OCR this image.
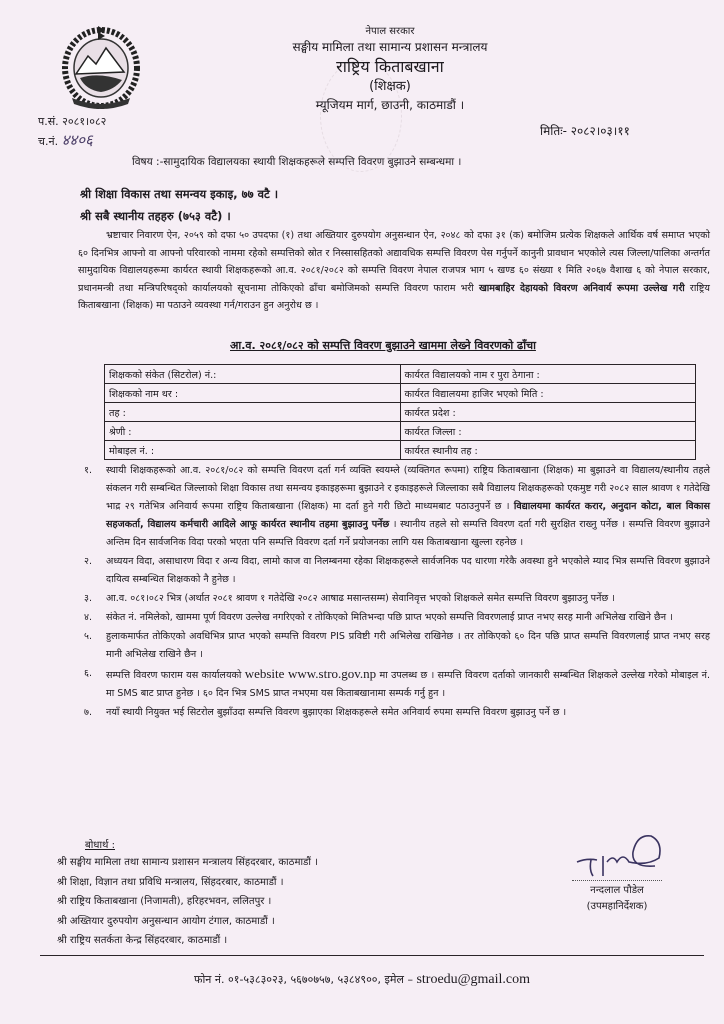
नेपाल सरकार
सङ्घीय मामिला तथा सामान्य प्रशासन मन्त्रालय
राष्ट्रिय किताबखाना
(शिक्षक)
म्यूजियम मार्ग, छाउनी, काठमाडौं ।
प.सं. २०८१।०८२
च.नं. ४४०६	मितिः- २०८२।०३।११
विषय :-सामुदायिक विद्यालयका स्थायी शिक्षकहरूले सम्पत्ति विवरण बुझाउने सम्बन्धमा ।
श्री शिक्षा विकास तथा समन्वय इकाइ, ७७ वटै ।
श्री सबै स्थानीय तहहरु (७५३ वटै) ।
भ्रष्टाचार निवारण ऐन, २०५९ को दफा ५० उपदफा (१) तथा अख्तियार दुरुपयोग अनुसन्धान ऐन, २०४८ को दफा ३१ (क) बमोजिम प्रत्येक शिक्षकले आर्थिक वर्ष समाप्त भएको ६० दिनभित्र आफ्नो वा आफ्नो परिवारको नाममा रहेको सम्पत्तिको स्रोत र निस्सासहितको अद्यावधिक सम्पत्ति विवरण पेस गर्नुपर्ने कानुनी प्रावधान भएकोले त्यस जिल्ला/पालिका अन्तर्गत सामुदायिक विद्यालयहरूमा कार्यरत स्थायी शिक्षकहरूको आ.व. २०८१/२०८२ को सम्पत्ति विवरण नेपाल राजपत्र भाग ५ खण्ड ६० संख्या १ मिति २०६७ वैशाख ६ को नेपाल सरकार, प्रधानमन्त्री तथा मन्त्रिपरिषद्को कार्यालयको सूचनामा तोकिएको ढाँचा बमोजिमको सम्पत्ति विवरण फाराम भरी खामबाहिर देहायको विवरण अनिवार्य रूपमा उल्लेख गरी राष्ट्रिय किताबखाना (शिक्षक) मा पठाउने व्यवस्था गर्न/गराउन हुन अनुरोध छ ।
आ.व. २०८१/०८२ को सम्पत्ति विवरण बुझाउने खाममा लेख्ने विवरणको ढाँचा
शिक्षकको संकेत (सिटरोल) नं.:	कार्यरत विद्यालयको नाम र पुरा ठेगाना :
शिक्षकको नाम थर :	कार्यरत विद्यालयमा हाजिर भएको मिति :
तह :	कार्यरत प्रदेश :
श्रेणी :	कार्यरत जिल्ला :
मोबाइल नं. :	कार्यरत स्थानीय तह :
१.	स्थायी शिक्षकहरूको आ.व. २०८१/०८२ को सम्पत्ति विवरण दर्ता गर्न व्यक्ति स्वयम्ले (व्यक्तिगत रूपमा) राष्ट्रिय किताबखाना (शिक्षक) मा बुझाउने वा विद्यालय/स्थानीय तहले संकलन गरी सम्बन्धित जिल्लाको शिक्षा विकास तथा समन्वय इकाइहरूमा बुझाउने र इकाइहरूले जिल्लाका सबै विद्यालय शिक्षकहरूको एकमुष्ट गरी २०८२ साल श्रावण १ गतेदेखि भाद्र २९ गतेभित्र अनिवार्य रूपमा राष्ट्रिय किताबखाना (शिक्षक) मा दर्ता हुने गरी छिटो माध्यमबाट पठाउनुपर्ने छ । विद्यालयमा कार्यरत करार, अनुदान कोटा, बाल विकास सहजकर्ता, विद्यालय कर्मचारी आदिले आफू कार्यरत स्थानीय तहमा बुझाउनु पर्नेछ । स्थानीय तहले सो सम्पत्ति विवरण दर्ता गरी सुरक्षित राख्नु पर्नेछ । सम्पत्ति विवरण बुझाउने अन्तिम दिन सार्वजनिक विदा परको भएता पनि सम्पत्ति विवरण दर्ता गर्ने प्रयोजनका लागि यस किताबखाना खुल्ला रहनेछ ।
२.	अध्ययन विदा, असाधारण विदा र अन्य विदा, लामो काज वा निलम्बनमा रहेका शिक्षकहरूले सार्वजनिक पद धारणा गरेकै अवस्था हुने भएकोले म्याद भित्र सम्पत्ति विवरण बुझाउने दायित्व सम्बन्धित शिक्षकको नै हुनेछ ।
३.	आ.व. ०८१।०८२ भित्र (अर्थात २०८१ श्रावण १ गतेदेखि २०८२ आषाढ मसान्तसम्म) सेवानिवृत्त भएको शिक्षकले समेत सम्पत्ति विवरण बुझाउनु पर्नेछ ।
४.	संकेत नं. नमिलेको, खाममा पूर्ण विवरण उल्लेख नगरिएको र तोकिएको मितिभन्दा पछि प्राप्त भएको सम्पत्ति विवरणलाई प्राप्त नभए सरह मानी अभिलेख राखिने छैन ।
५.	हुलाकमार्फत तोकिएको अवधिभित्र प्राप्त भएको सम्पत्ति विवरण PIS प्रविष्टी गरी अभिलेख राखिनेछ । तर तोकिएको ६० दिन पछि प्राप्त सम्पत्ति विवरणलाई प्राप्त नभए सरह मानी अभिलेख राखिने छैन ।
६.	सम्पत्ति विवरण फाराम यस कार्यालयको website www.stro.gov.np मा उपलब्ध छ । सम्पत्ति विवरण दर्ताको जानकारी सम्बन्धित शिक्षकले उल्लेख गरेको मोबाइल नं. मा SMS बाट प्राप्त हुनेछ । ६० दिन भित्र SMS प्राप्त नभएमा यस किताबखानामा सम्पर्क गर्नु हुन ।
७.	नयाँ स्थायी नियुक्त भई सिटरोल बुझाँउदा सम्पत्ति विवरण बुझाएका शिक्षकहरूले समेत अनिवार्य रुपमा सम्पत्ति विवरण बुझाउनु पर्ने छ ।
बोधार्थ :
श्री सङ्घीय मामिला तथा सामान्य प्रशासन मन्त्रालय सिंहदरबार, काठमाडौं ।
श्री शिक्षा, विज्ञान तथा प्रविधि मन्त्रालय, सिंहदरबार, काठमाडौं ।
श्री राष्ट्रिय किताबखाना (निजामती), हरिहरभवन, ललितपुर ।
श्री अख्तियार दुरुपयोग अनुसन्धान आयोग टंगाल, काठमाडौं ।
श्री राष्ट्रिय सतर्कता केन्द्र सिंहदरबार, काठमाडौं ।
नन्दलाल पौडेल
(उपमहानिर्देशक)
फोन नं. ०१-५३८३०२३, ५६७०७५७, ५३८४९००, इमेल – stroedu@gmail.com
